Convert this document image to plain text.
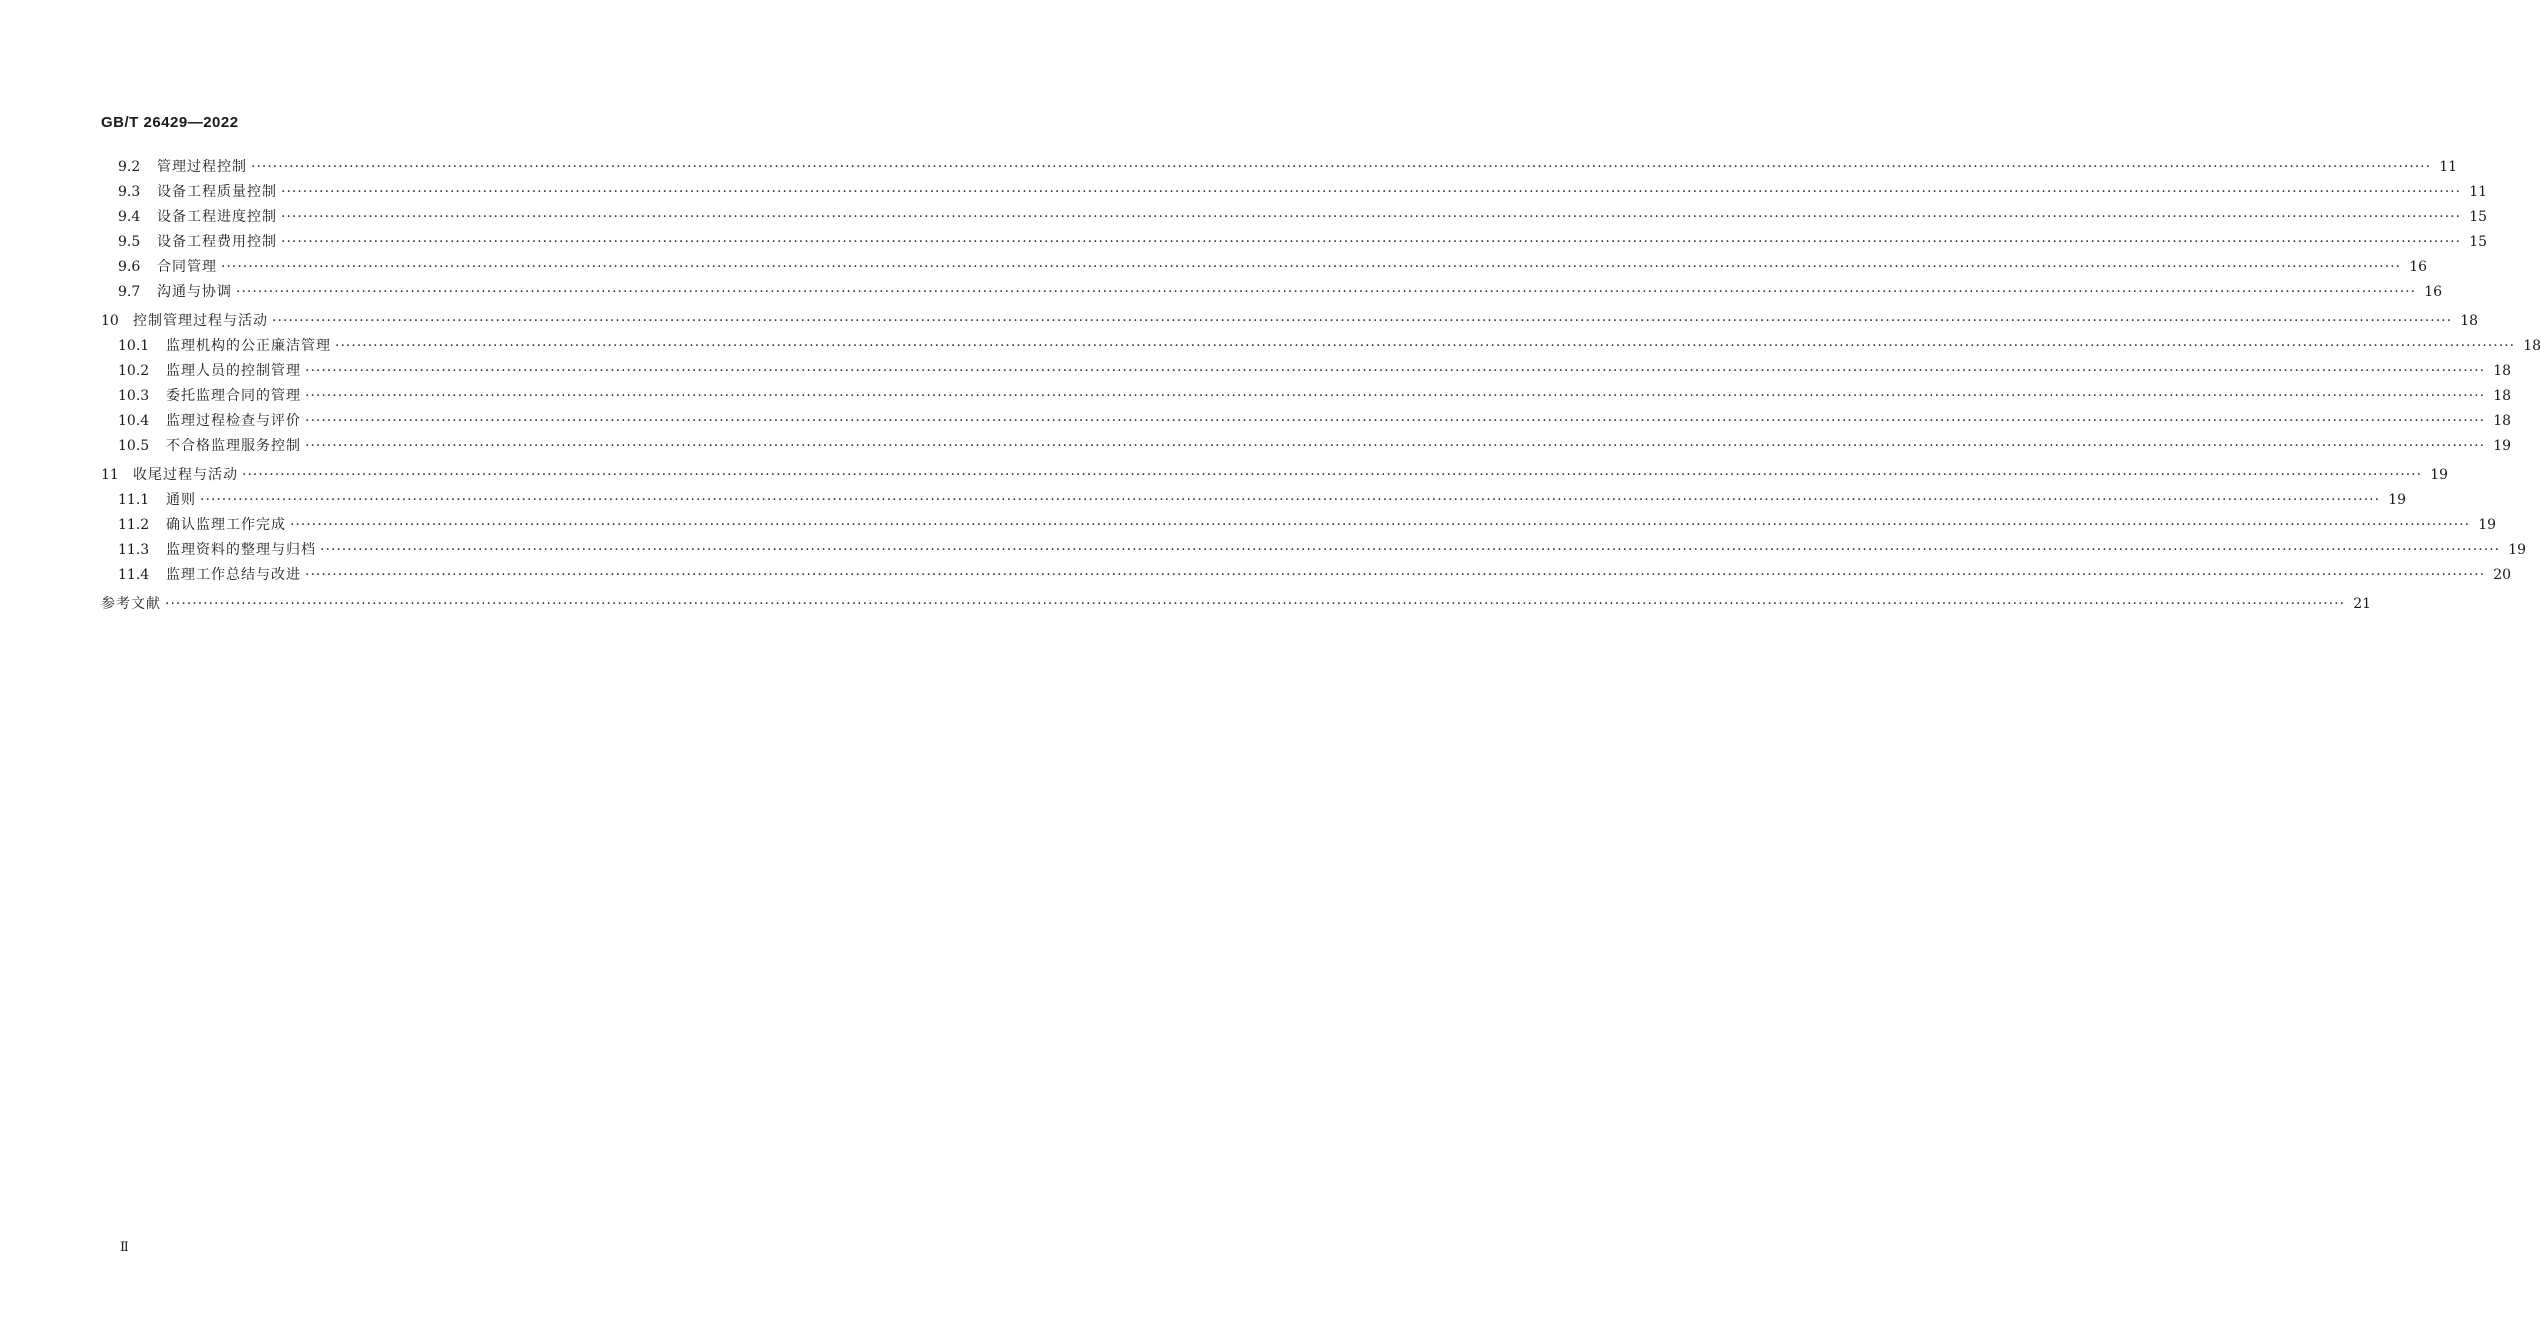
GB/T 26429—2022
9.2	管理过程控制 ················································································································································································································································································································································································································ 11
9.3	设备工程质量控制 ················································································································································································································································································································································································································ 11
9.4	设备工程进度控制 ················································································································································································································································································································································································································ 15
9.5	设备工程费用控制 ················································································································································································································································································································································································································ 15
9.6	合同管理 ················································································································································································································································································································································································································ 16
9.7	沟通与协调 ················································································································································································································································································································································································································ 16
10	控制管理过程与活动 ················································································································································································································································································································································································································ 18
10.1	监理机构的公正廉洁管理 ················································································································································································································································································································································································································ 18
10.2	监理人员的控制管理 ················································································································································································································································································································································································································ 18
10.3	委托监理合同的管理 ················································································································································································································································································································································································································ 18
10.4	监理过程检查与评价 ················································································································································································································································································································································································································ 18
10.5	不合格监理服务控制 ················································································································································································································································································································································································································ 19
11	收尾过程与活动 ················································································································································································································································································································································································································ 19
11.1	通则 ················································································································································································································································································································································································································ 19
11.2	确认监理工作完成 ················································································································································································································································································································································································································ 19
11.3	监理资料的整理与归档 ················································································································································································································································································································································································································ 19
11.4	监理工作总结与改进 ················································································································································································································································································································································································································ 20
参考文献 ················································································································································································································································································································································································································ 21
Ⅱ
